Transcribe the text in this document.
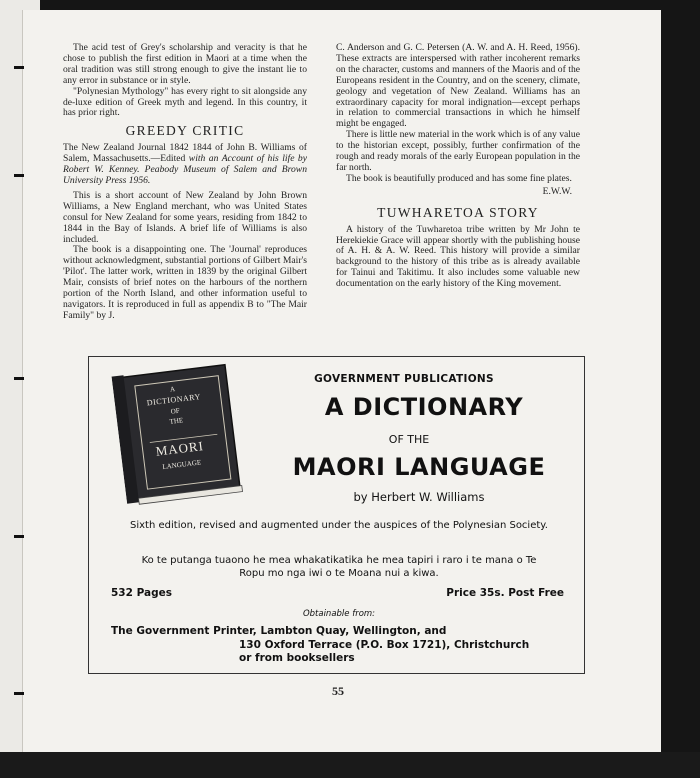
The acid test of Grey's scholarship and veracity is that he chose to publish the first edition in Maori at a time when the oral tradition was still strong enough to give the instant lie to any error in substance or in style.

"Polynesian Mythology" has every right to sit alongside any de-luxe edition of Greek myth and legend. In this country, it has prior right.

GREEDY CRITIC

The New Zealand Journal 1842 1844 of John B. Williams of Salem, Massachusetts.—Edited with an Account of his life by Robert W. Kenney. Peabody Museum of Salem and Brown University Press 1956.

This is a short account of New Zealand by John Brown Williams, a New England merchant, who was United States consul for New Zealand for some years, residing from 1842 to 1844 in the Bay of Islands. A brief life of Williams is also included.

The book is a disappointing one. The 'Journal' reproduces without acknowledgment, substantial portions of Gilbert Mair's 'Pilot'. The latter work, written in 1839 by the original Gilbert Mair, consists of brief notes on the harbours of the northern portion of the North Island, and other information useful to navigators. It is reproduced in full as appendix B to "The Mair Family" by J.

C. Anderson and G. C. Petersen (A. W. and A. H. Reed, 1956). These extracts are interspersed with rather incoherent remarks on the character, customs and manners of the Maoris and of the Europeans resident in the Country, and on the scenery, climate, geology and vegetation of New Zealand. Williams has an extraordinary capacity for moral indignation—except perhaps in relation to commercial transactions in which he himself might be engaged.

There is little new material in the work which is of any value to the historian except, possibly, further confirmation of the rough and ready morals of the early European population in the far north.

The book is beautifully produced and has some fine plates.

E.W.W.

TUWHARETOA STORY

A history of the Tuwharetoa tribe written by Mr John te Herekiekie Grace will appear shortly with the publishing house of A. H. & A. W. Reed. This history will provide a similar background to the history of this tribe as is already available for Tainui and Takitimu. It also includes some valuable new documentation on the early history of the King movement.

A
DICTIONARY
OF
THE
MAORI
LANGUAGE
GOVERNMENT PUBLICATIONS
A DICTIONARY
OF THE
MAORI LANGUAGE
by Herbert W. Williams
Sixth edition, revised and augmented under the auspices of the Polynesian Society.
Ko te putanga tuaono he mea whakatikatika he mea tapiri i raro i te mana o Te Ropu mo nga iwi o te Moana nui a kiwa.
532 Pages	Price 35s. Post Free
Obtainable from:
The Government Printer, Lambton Quay, Wellington, and
130 Oxford Terrace (P.O. Box 1721), Christchurch
or from booksellers
55
